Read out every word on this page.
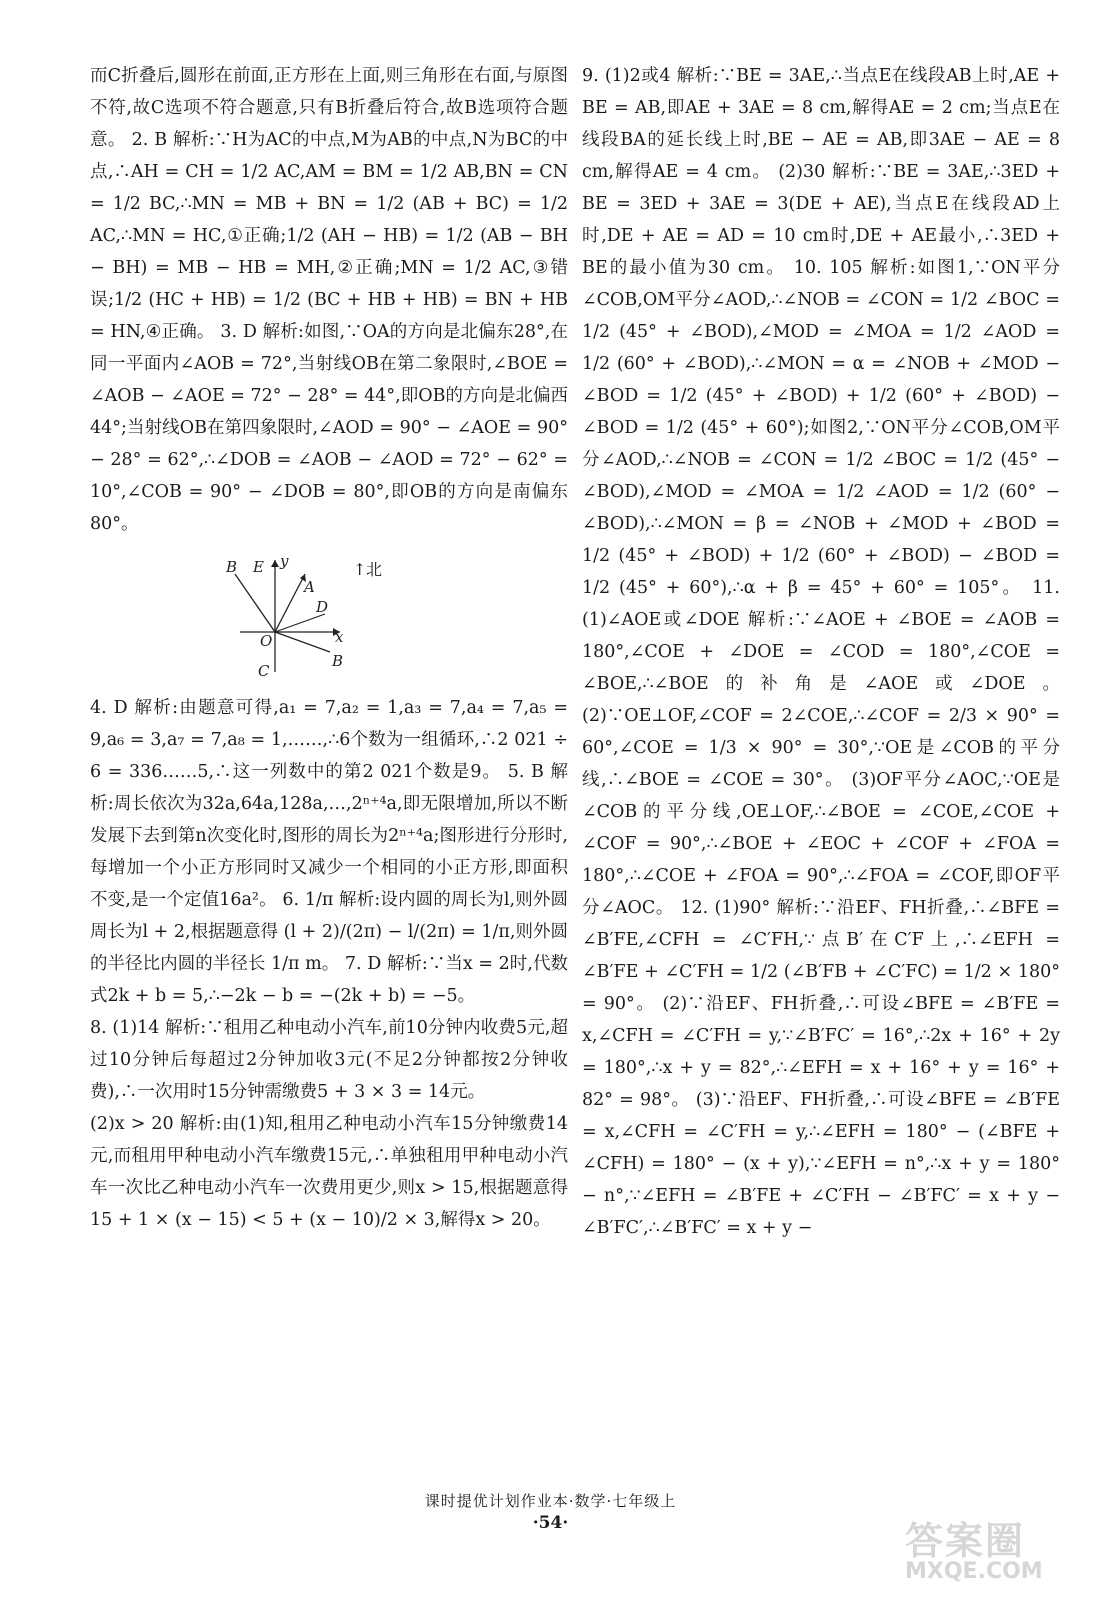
而C折叠后,圆形在前面,正方形在上面,则三角形在右面,与原图不符,故C选项不符合题意,只有B折叠后符合,故B选项符合题意。 2. B 解析:∵H为AC的中点,M为AB的中点,N为BC的中点,∴AH = CH = 1/2 AC,AM = BM = 1/2 AB,BN = CN = 1/2 BC,∴MN = MB + BN = 1/2 (AB + BC) = 1/2 AC,∴MN = HC,①正确;1/2 (AH − HB) = 1/2 (AB − BH − BH) = MB − HB = MH,②正确;MN = 1/2 AC,③错误;1/2 (HC + HB) = 1/2 (BC + HB + HB) = BN + HB = HN,④正确。 3. D 解析:如图,∵OA的方向是北偏东28°,在同一平面内∠AOB = 72°,当射线OB在第二象限时,∠BOE = ∠AOB − ∠AOE = 72° − 28° = 44°,即OB的方向是北偏西44°;当射线OB在第四象限时,∠AOD = 90° − ∠AOE = 90° − 28° = 62°,∴∠DOB = ∠AOB − ∠AOD = 72° − 62° = 10°,∠COB = 90° − ∠DOB = 80°,即OB的方向是南偏东80°。

B E y
A
D
O	x
C
B
↑ 北

4. D 解析:由题意可得,a₁ = 7,a₂ = 1,a₃ = 7,a₄ = 7,a₅ = 9,a₆ = 3,a₇ = 7,a₈ = 1,……,∴6个数为一组循环,∴2 021 ÷ 6 = 336……5,∴这一列数中的第2 021个数是9。 5. B 解析:周长依次为32a,64a,128a,…,2ⁿ⁺⁴a,即无限增加,所以不断发展下去到第n次变化时,图形的周长为2ⁿ⁺⁴a;图形进行分形时,每增加一个小正方形同时又减少一个相同的小正方形,即面积不变,是一个定值16a²。 6. 1/π 解析:设内圆的周长为l,则外圆周长为l + 2,根据题意得 (l + 2)/(2π) − l/(2π) = 1/π,则外圆的半径比内圆的半径长 1/π m。 7. D 解析:∵当x = 2时,代数式2k + b = 5,∴−2k − b = −(2k + b) = −5。

8. (1)14 解析:∵租用乙种电动小汽车,前10分钟内收费5元,超过10分钟后每超过2分钟加收3元(不足2分钟都按2分钟收费),∴一次用时15分钟需缴费5 + 3 × 3 = 14元。

(2)x > 20 解析:由(1)知,租用乙种电动小汽车15分钟缴费14元,而租用甲种电动小汽车缴费15元,∴单独租用甲种电动小汽车一次比乙种电动小汽车一次费用更少,则x > 15,根据题意得15 + 1 × (x − 15) < 5 + (x − 10)/2 × 3,解得x > 20。

9. (1)2或4 解析:∵BE = 3AE,∴当点E在线段AB上时,AE + BE = AB,即AE + 3AE = 8 cm,解得AE = 2 cm;当点E在线段BA的延长线上时,BE − AE = AB,即3AE − AE = 8 cm,解得AE = 4 cm。 (2)30 解析:∵BE = 3AE,∴3ED + BE = 3ED + 3AE = 3(DE + AE),当点E在线段AD上时,DE + AE = AD = 10 cm时,DE + AE最小,∴3ED + BE的最小值为30 cm。 10. 105 解析:如图1,∵ON平分∠COB,OM平分∠AOD,∴∠NOB = ∠CON = 1/2 ∠BOC = 1/2 (45° + ∠BOD),∠MOD = ∠MOA = 1/2 ∠AOD = 1/2 (60° + ∠BOD),∴∠MON = α = ∠NOB + ∠MOD − ∠BOD = 1/2 (45° + ∠BOD) + 1/2 (60° + ∠BOD) − ∠BOD = 1/2 (45° + 60°);如图2,∵ON平分∠COB,OM平分∠AOD,∴∠NOB = ∠CON = 1/2 ∠BOC = 1/2 (45° − ∠BOD),∠MOD = ∠MOA = 1/2 ∠AOD = 1/2 (60° − ∠BOD),∴∠MON = β = ∠NOB + ∠MOD + ∠BOD = 1/2 (45° + ∠BOD) + 1/2 (60° + ∠BOD) − ∠BOD = 1/2 (45° + 60°),∴α + β = 45° + 60° = 105°。 11. (1)∠AOE或∠DOE 解析:∵∠AOE + ∠BOE = ∠AOB = 180°,∠COE + ∠DOE = ∠COD = 180°,∠COE = ∠BOE,∴∠BOE的补角是∠AOE或∠DOE。 (2)∵OE⊥OF,∠COF = 2∠COE,∴∠COF = 2/3 × 90° = 60°,∠COE = 1/3 × 90° = 30°,∵OE是∠COB的平分线,∴∠BOE = ∠COE = 30°。 (3)OF平分∠AOC,∵OE是∠COB的平分线,OE⊥OF,∴∠BOE = ∠COE,∠COE + ∠COF = 90°,∴∠BOE + ∠EOC + ∠COF + ∠FOA = 180°,∴∠COE + ∠FOA = 90°,∴∠FOA = ∠COF,即OF平分∠AOC。 12. (1)90° 解析:∵沿EF、FH折叠,∴∠BFE = ∠B′FE,∠CFH = ∠C′FH,∵点B′在C′F上,∴∠EFH = ∠B′FE + ∠C′FH = 1/2 (∠B′FB + ∠C′FC) = 1/2 × 180° = 90°。 (2)∵沿EF、FH折叠,∴可设∠BFE = ∠B′FE = x,∠CFH = ∠C′FH = y,∵∠B′FC′ = 16°,∴2x + 16° + 2y = 180°,∴x + y = 82°,∴∠EFH = x + 16° + y = 16° + 82° = 98°。 (3)∵沿EF、FH折叠,∴可设∠BFE = ∠B′FE = x,∠CFH = ∠C′FH = y,∴∠EFH = 180° − (∠BFE + ∠CFH) = 180° − (x + y),∵∠EFH = n°,∴x + y = 180° − n°,∵∠EFH = ∠B′FE + ∠C′FH − ∠B′FC′ = x + y − ∠B′FC′,∴∠B′FC′ = x + y −

课时提优计划作业本·数学·七年级上
·54·	答案圈
MXQE.COM
